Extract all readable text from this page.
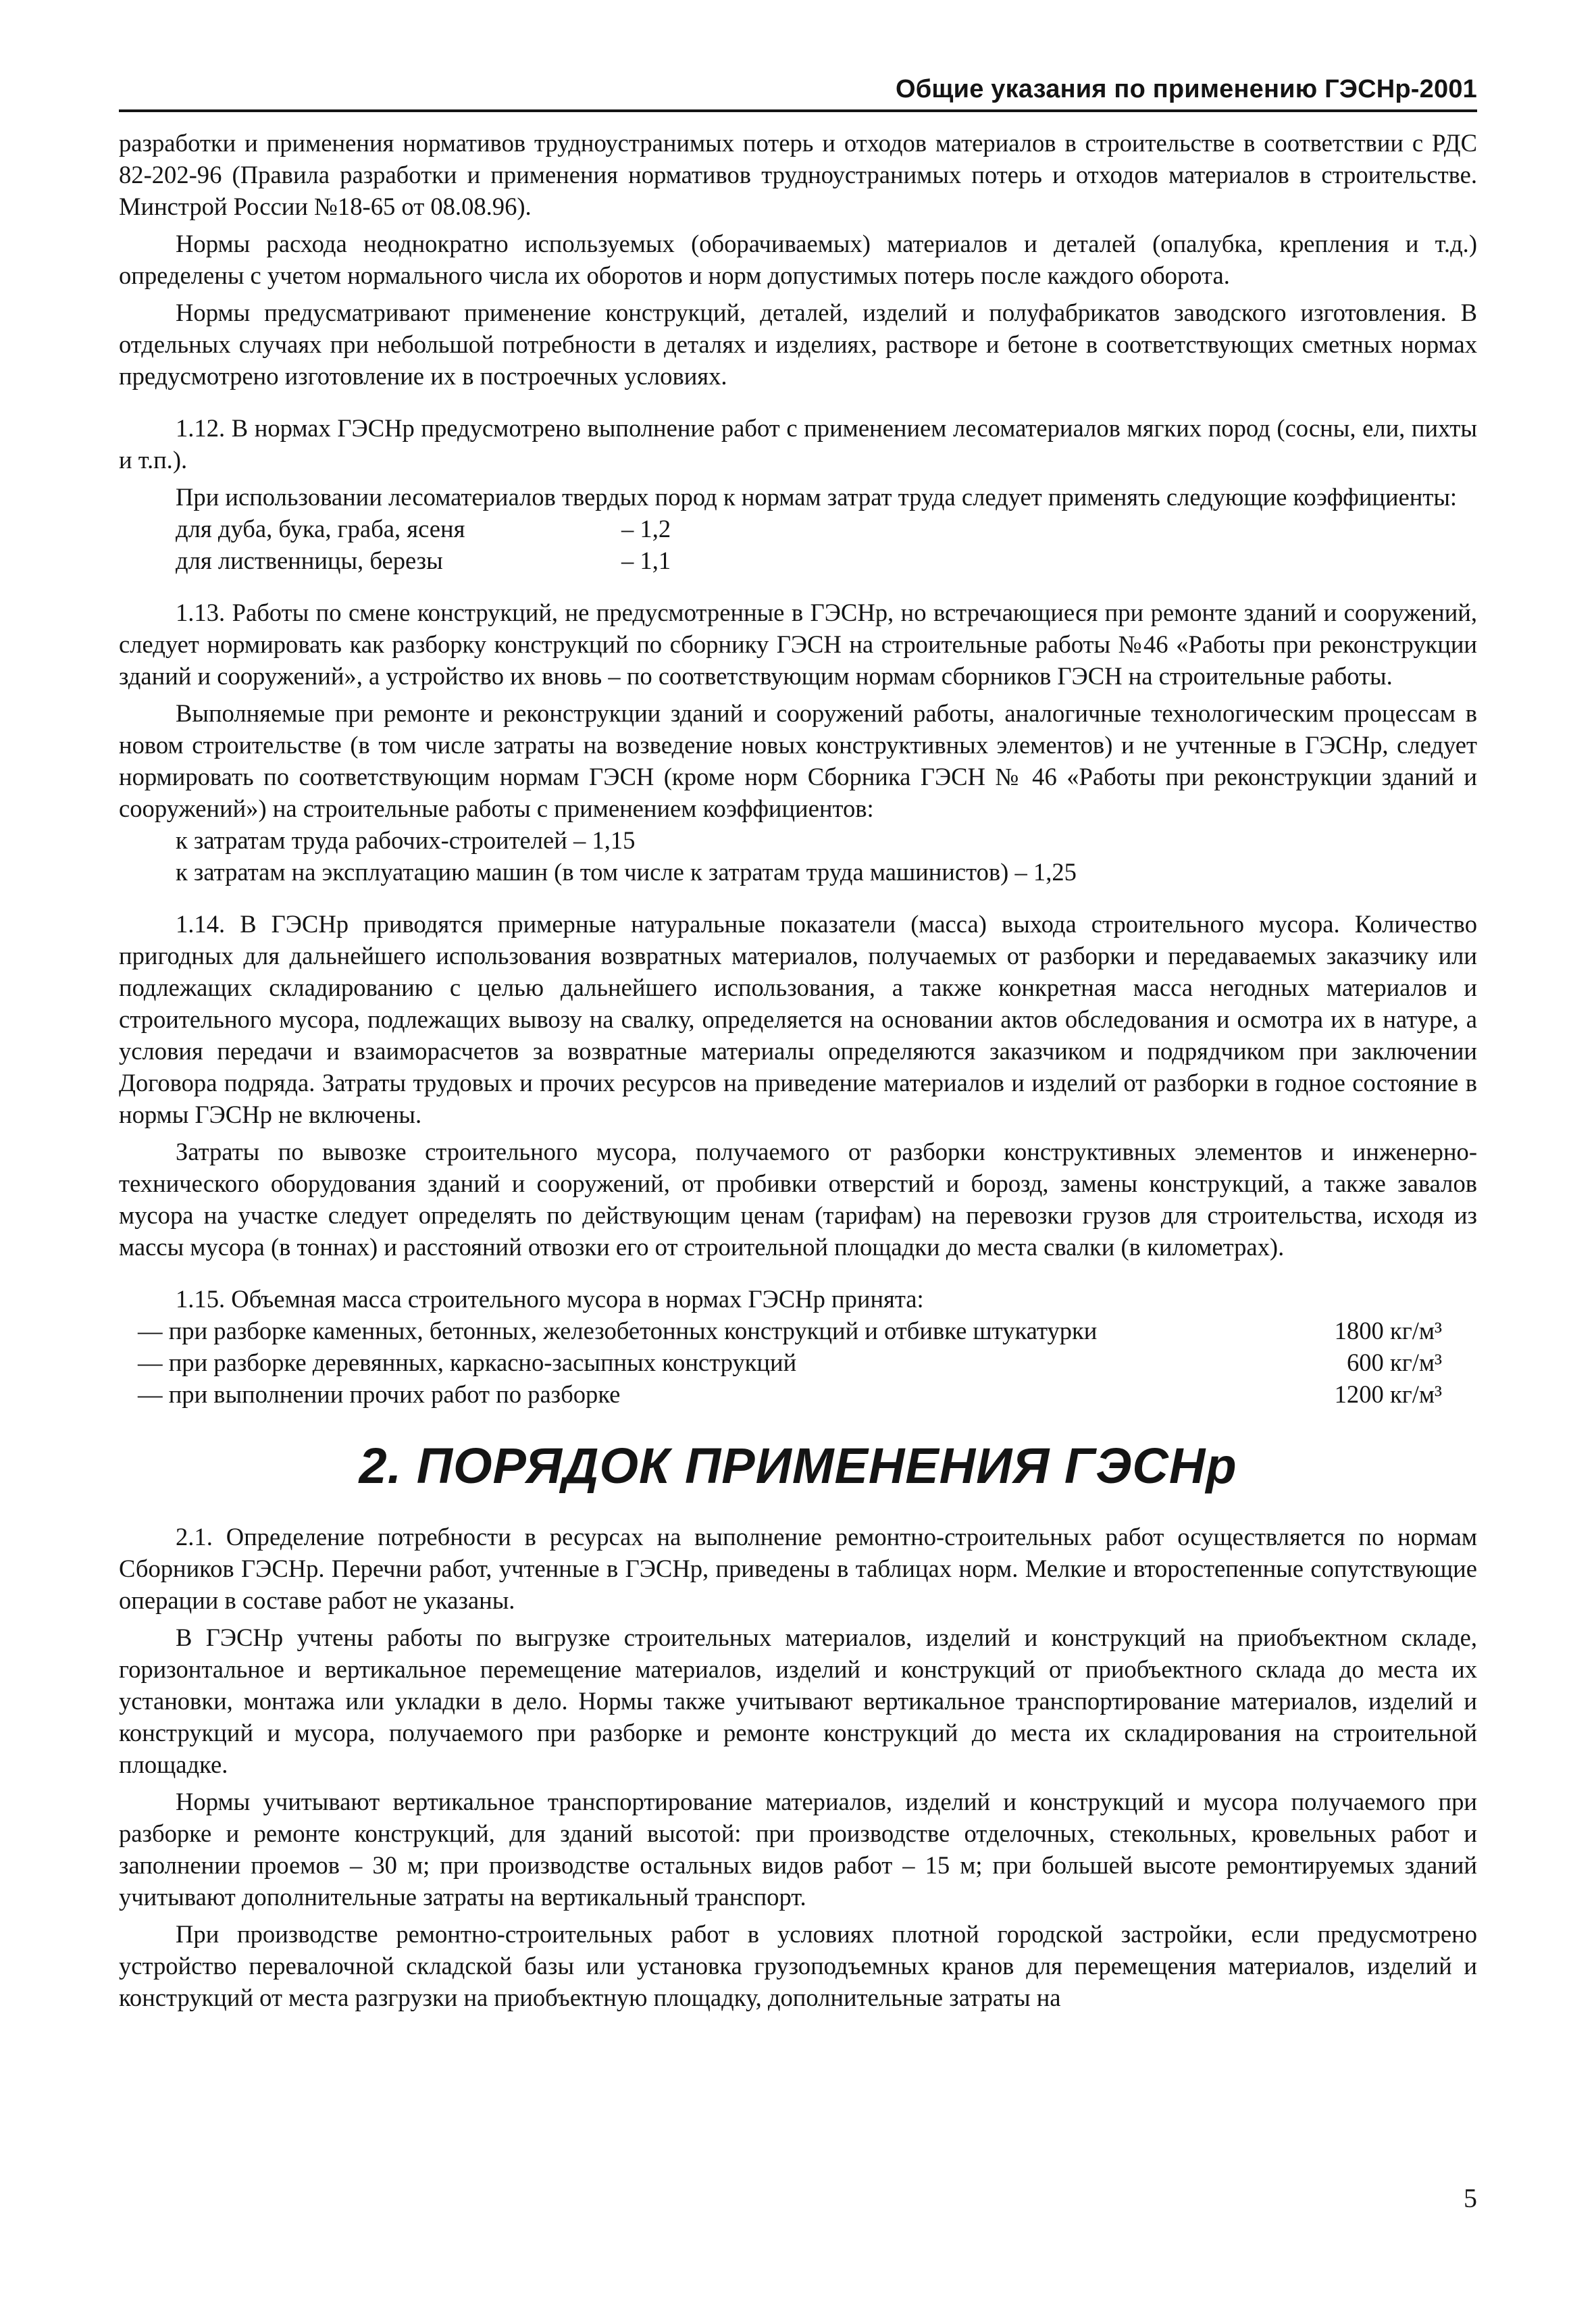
Общие указания по применению ГЭСНр-2001

разработки и применения нормативов трудноустранимых потерь и отходов материалов в строительстве в соответствии с РДС 82-202-96 (Правила разработки и применения нормативов трудноустранимых потерь и отходов материалов в строительстве. Минстрой России №18-65 от 08.08.96).

Нормы расхода неоднократно используемых (оборачиваемых) материалов и деталей (опалубка, крепления и т.д.) определены с учетом нормального числа их оборотов и норм допустимых потерь после каждого оборота.

Нормы предусматривают применение конструкций, деталей, изделий и полуфабрикатов заводского изготовления. В отдельных случаях при небольшой потребности в деталях и изделиях, растворе и бетоне в соответствующих сметных нормах предусмотрено изготовление их в построечных условиях.

1.12. В нормах ГЭСНр предусмотрено выполнение работ с применением лесоматериалов мягких пород (сосны, ели, пихты и т.п.).

При использовании лесоматериалов твердых пород к нормам затрат труда следует применять следующие коэффициенты:

для дуба, бука, граба, ясеня	– 1,2
для лиственницы, березы	– 1,1

1.13. Работы по смене конструкций, не предусмотренные в ГЭСНр, но встречающиеся при ремонте зданий и сооружений, следует нормировать как разборку конструкций по сборнику ГЭСН на строительные работы №46 «Работы при реконструкции зданий и сооружений», а устройство их вновь – по соответствующим нормам сборников ГЭСН на строительные работы.

Выполняемые при ремонте и реконструкции зданий и сооружений работы, аналогичные технологическим процессам в новом строительстве (в том числе затраты на возведение новых конструктивных элементов) и не учтенные в ГЭСНр, следует нормировать по соответствующим нормам ГЭСН (кроме норм Сборника ГЭСН № 46 «Работы при реконструкции зданий и сооружений») на строительные работы с применением коэффициентов:

к затратам труда рабочих-строителей – 1,15

к затратам на эксплуатацию машин (в том числе к затратам труда машинистов) – 1,25

1.14. В ГЭСНр приводятся примерные натуральные показатели (масса) выхода строительного мусора. Количество пригодных для дальнейшего использования возвратных материалов, получаемых от разборки и передаваемых заказчику или подлежащих складированию с целью дальнейшего использования, а также конкретная масса негодных материалов и строительного мусора, подлежащих вывозу на свалку, определяется на основании актов обследования и осмотра их в натуре, а условия передачи и взаиморасчетов за возвратные материалы определяются заказчиком и подрядчиком при заключении Договора подряда. Затраты трудовых и прочих ресурсов на приведение материалов и изделий от разборки в годное состояние в нормы ГЭСНр не включены.

Затраты по вывозке строительного мусора, получаемого от разборки конструктивных элементов и инженерно-технического оборудования зданий и сооружений, от пробивки отверстий и борозд, замены конструкций, а также завалов мусора на участке следует определять по действующим ценам (тарифам) на перевозки грузов для строительства, исходя из массы мусора (в тоннах) и расстояний отвозки его от строительной площадки до места свалки (в километрах).

1.15. Объемная масса строительного мусора в нормах ГЭСНр принята:

— при разборке каменных, бетонных, железобетонных конструкций и отбивке штукатурки	1800 кг/м³
— при разборке деревянных, каркасно-засыпных конструкций	600 кг/м³
— при выполнении прочих работ по разборке	1200 кг/м³
2. ПОРЯДОК ПРИМЕНЕНИЯ ГЭСНр

2.1. Определение потребности в ресурсах на выполнение ремонтно-строительных работ осуществляется по нормам Сборников ГЭСНр. Перечни работ, учтенные в ГЭСНр, приведены в таблицах норм. Мелкие и второстепенные сопутствующие операции в составе работ не указаны.

В ГЭСНр учтены работы по выгрузке строительных материалов, изделий и конструкций на приобъектном складе, горизонтальное и вертикальное перемещение материалов, изделий и конструкций от приобъектного склада до места их установки, монтажа или укладки в дело. Нормы также учитывают вертикальное транспортирование материалов, изделий и конструкций и мусора, получаемого при разборке и ремонте конструкций до места их складирования на строительной площадке.

Нормы учитывают вертикальное транспортирование материалов, изделий и конструкций и мусора получаемого при разборке и ремонте конструкций, для зданий высотой: при производстве отделочных, стекольных, кровельных работ и заполнении проемов – 30 м; при производстве остальных видов работ – 15 м; при большей высоте ремонтируемых зданий учитывают дополнительные затраты на вертикальный транспорт.

При производстве ремонтно-строительных работ в условиях плотной городской застройки, если предусмотрено устройство перевалочной складской базы или установка грузоподъемных кранов для перемещения материалов, изделий и конструкций от места разгрузки на приобъектную площадку, дополнительные затраты на

5
